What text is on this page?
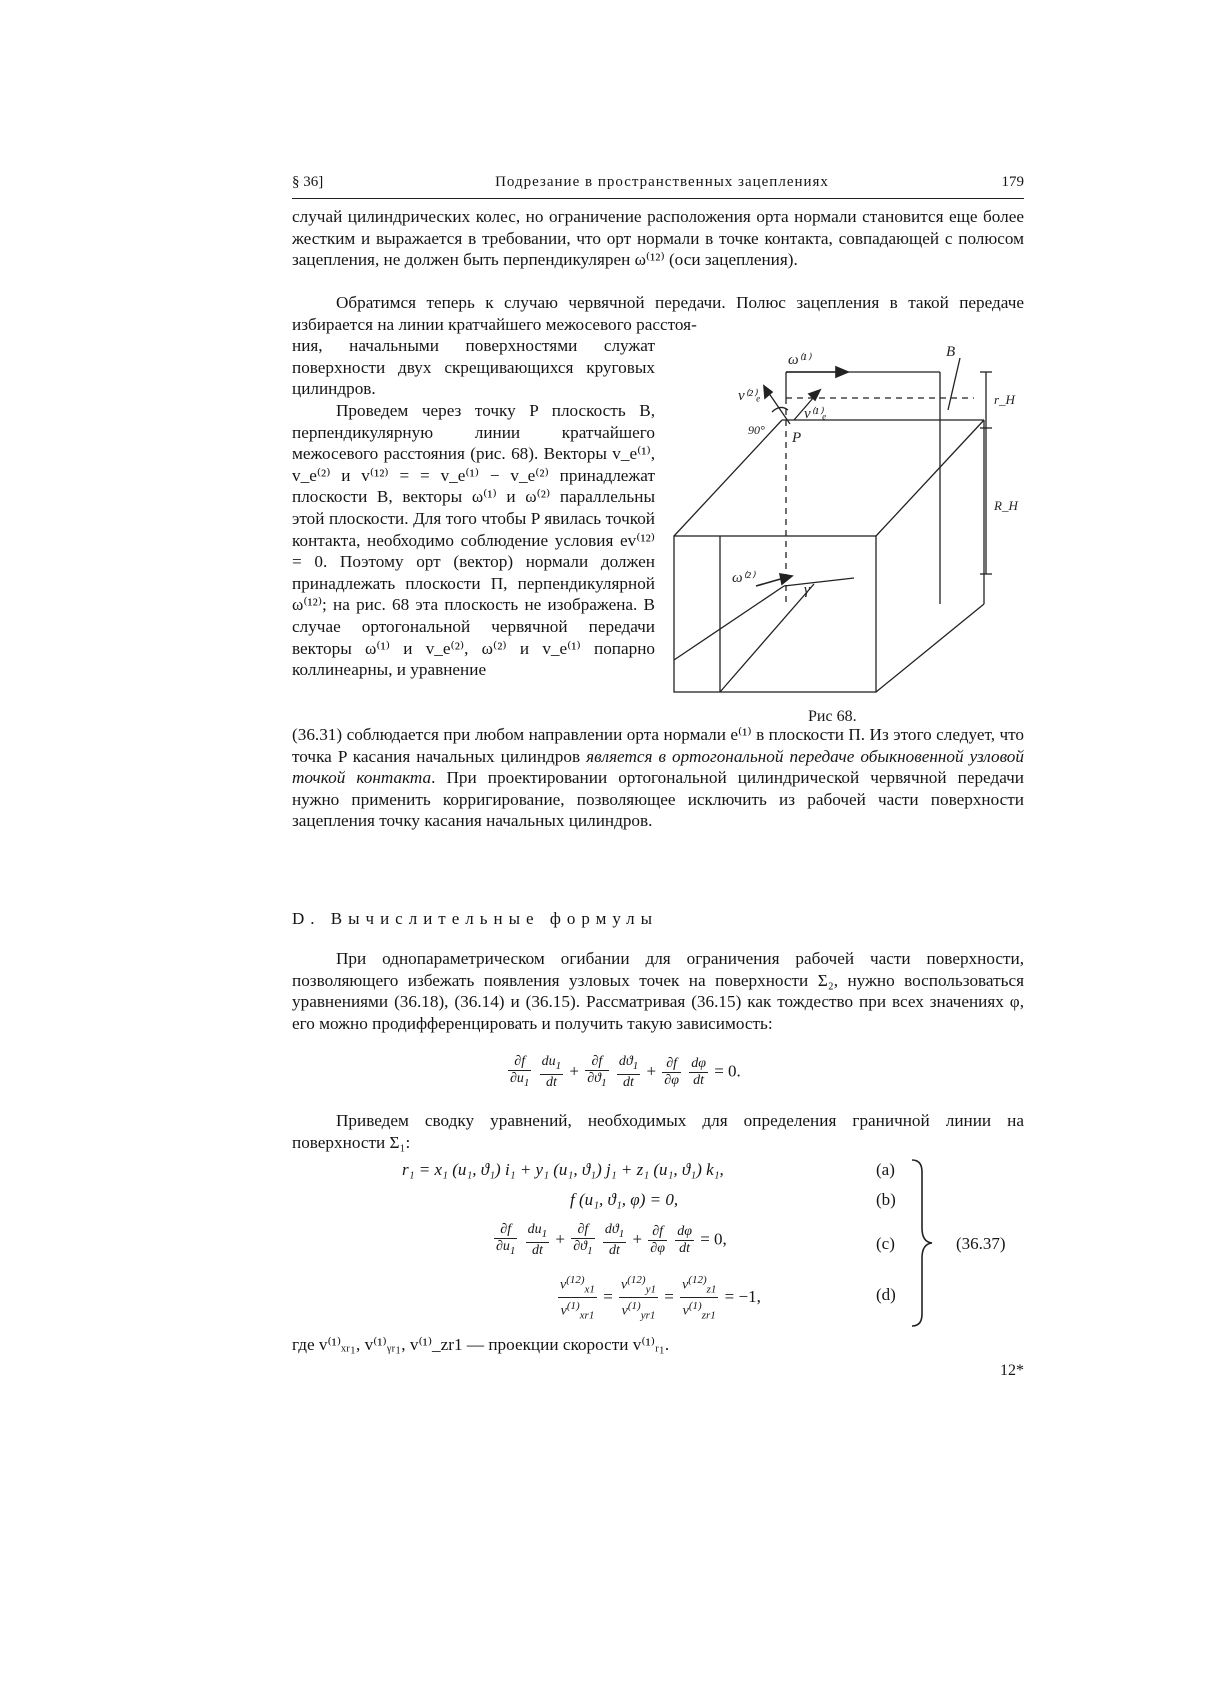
§ 36]	Подрезание в пространственных зацеплениях	179

случай цилиндрических колес, но ограничение расположения орта нормали становится еще более жестким и выражается в требовании, что орт нормали в точке контакта, совпадающей с полюсом зацепления, не должен быть перпендикулярен ω⁽¹²⁾ (оси зацепления).

Обратимся теперь к случаю червячной передачи. Полюс зацепления в такой передаче избирается на линии кратчайшего межосевого расстоя-

ния, начальными поверхностями служат поверхности двух скрещивающихся круговых цилиндров.

Проведем через точку P плоскость B, перпендикулярную линии кратчайшего межосевого расстояния (рис. 68). Векторы v_e⁽¹⁾, v_e⁽²⁾ и v⁽¹²⁾ = = v_e⁽¹⁾ − v_e⁽²⁾ принадлежат плоскости B, векторы ω⁽¹⁾ и ω⁽²⁾ параллельны этой плоскости. Для того чтобы P явилась точкой контакта, необходимо соблюдение условия ev⁽¹²⁾ = 0. Поэтому орт (вектор) нормали должен принадлежать плоскости П, перпендикулярной ω⁽¹²⁾; на рис. 68 эта плоскость не изображена. В случае ортогональной червячной передачи векторы ω⁽¹⁾ и v_e⁽²⁾, ω⁽²⁾ и v_e⁽¹⁾ попарно коллинеарны, и уравнение

(36.31) соблюдается при любом направлении орта нормали e⁽¹⁾ в плоскости П. Из этого следует, что точка P касания начальных цилиндров является в ортогональной передаче обыкновенной узловой точкой контакта. При проектировании ортогональной цилиндрической червячной передачи нужно применить корригирование, позволяющее исключить из рабочей части поверхности зацепления точку касания начальных цилиндров.

D. Вычислительные формулы

При однопараметрическом огибании для ограничения рабочей части поверхности, позволяющего избежать появления узловых точек на поверхности Σ₂, нужно воспользоваться уравнениями (36.18), (36.14) и (36.15). Рассматривая (36.15) как тождество при всех значениях φ, его можно продифференцировать и получить такую зависимость:

$\frac{\partial f}{\partial u_1}$
$\frac{du_1}{dt} + \frac{\partial f}{\partial ϑ_1}$
$\frac{dϑ_1}{dt} + \frac{\partial f}{\partial\varphi}$
$\frac{d\varphi}{dt} = 0$.

Приведем сводку уравнений, необходимых для определения граничной линии на поверхности Σ₁:

r₁ = x₁ (u₁, ϑ₁) i₁ + y₁ (u₁, ϑ₁) j₁ + z₁ (u₁, ϑ₁) k₁,	(a)
f (u₁, ϑ₁, φ) = 0,	(b)
$\frac{\partial f}{\partial u_1}$
$\frac{du_1}{dt} + \frac{\partial f}{\partial ϑ_1}$
$\frac{dϑ_1}{dt} + \frac{\partial f}{\partial\varphi}$
$\frac{d\varphi}{dt} = 0$,	(c)
$\frac{v^{(12)}_{x1}}{v^{(1)}_{xr1}} = \frac{v^{(12)}_{y1}}{v^{(1)}_{yr1}} = \frac{v^{(12)}_{z1}}{v^{(1)}_{zr1}} = -1$,	(d)
(36.37)

где v⁽¹⁾ₓᵣ₁, v⁽¹⁾ᵧᵣ₁, v⁽¹⁾_zr1 — проекции скорости v⁽¹⁾ᵣ₁.

ω⁽¹⁾	B
v⁽²⁾ₑ
v⁽¹⁾ₑ
90° P
ω⁽²⁾
γ
r_H
R_H
Рис 68.
12*
